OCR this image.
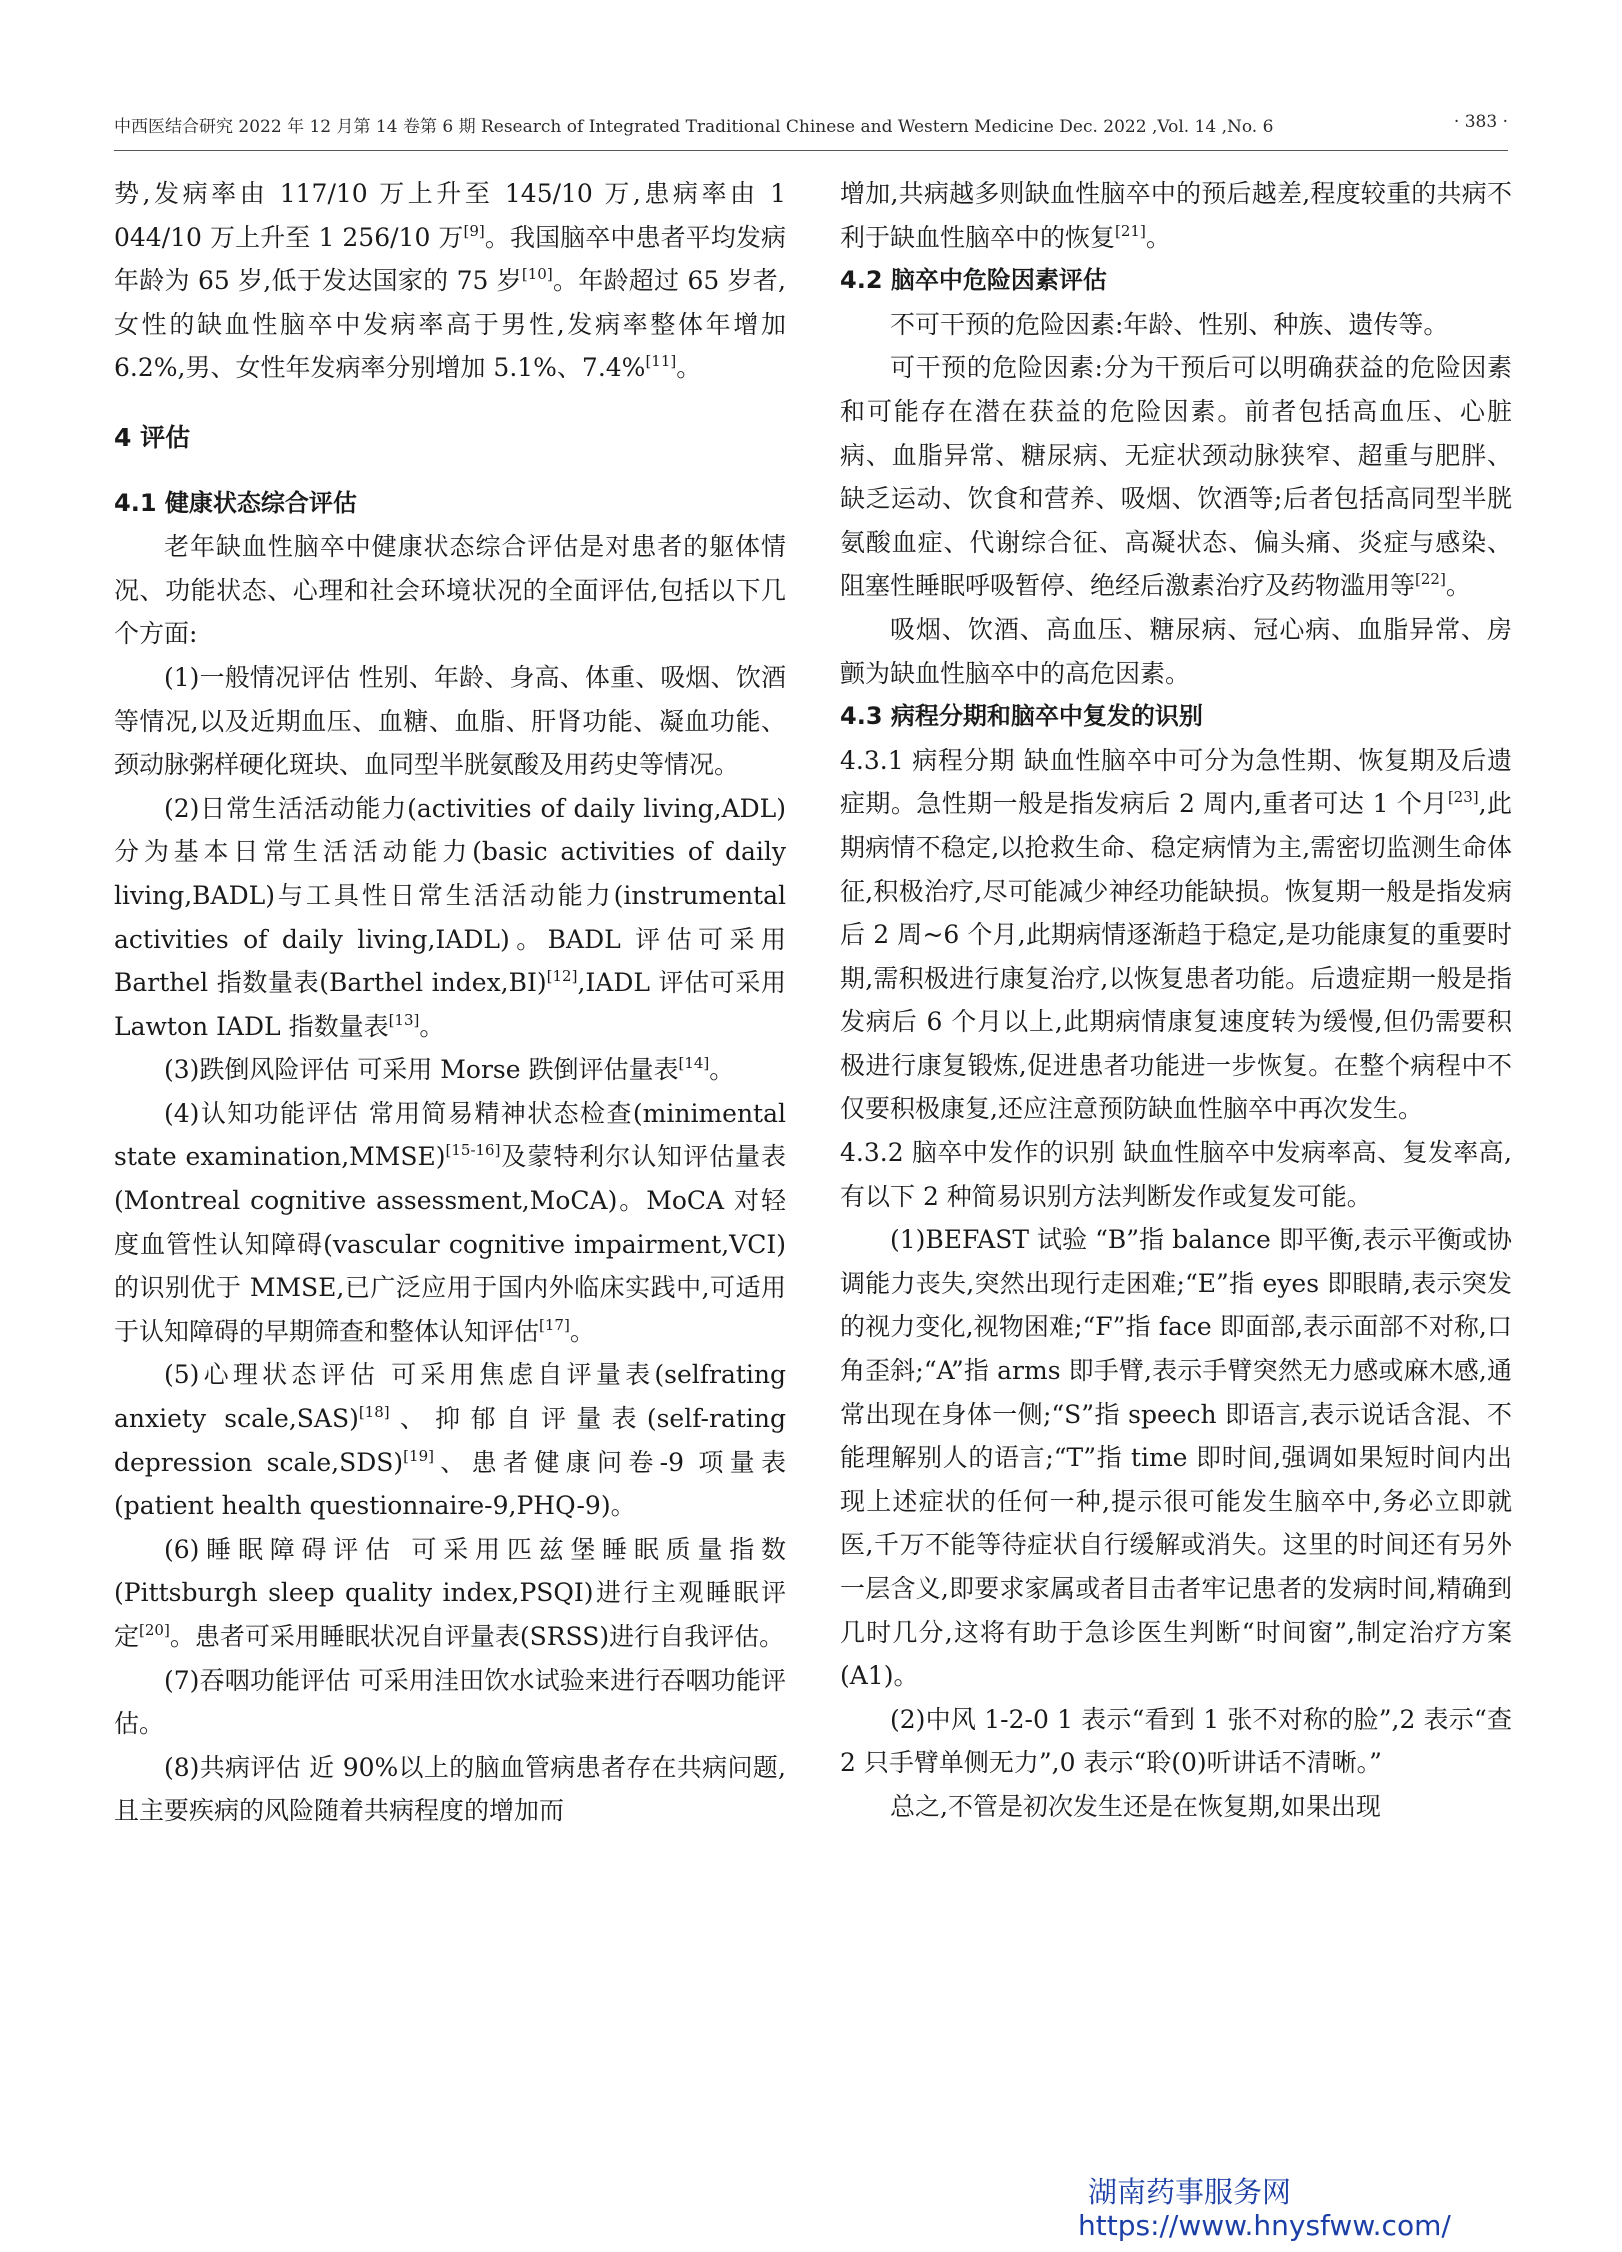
中西医结合研究 2022 年 12 月第 14 卷第 6 期 Research of Integrated Traditional Chinese and Western Medicine Dec. 2022 ,Vol. 14 ,No. 6	· 383 ·

势,发病率由 117/10 万上升至 145/10 万,患病率由 1 044/10 万上升至 1 256/10 万[9]。我国脑卒中患者平均发病年龄为 65 岁,低于发达国家的 75 岁[10]。年龄超过 65 岁者,女性的缺血性脑卒中发病率高于男性,发病率整体年增加 6.2%,男、女性年发病率分别增加 5.1%、7.4%[11]。

4 评估

4.1 健康状态综合评估

老年缺血性脑卒中健康状态综合评估是对患者的躯体情况、功能状态、心理和社会环境状况的全面评估,包括以下几个方面:

(1)一般情况评估 性别、年龄、身高、体重、吸烟、饮酒等情况,以及近期血压、血糖、血脂、肝肾功能、凝血功能、颈动脉粥样硬化斑块、血同型半胱氨酸及用药史等情况。

(2)日常生活活动能力(activities of daily living,ADL) 分为基本日常生活活动能力(basic activities of daily living,BADL)与工具性日常生活活动能力(instrumental activities of daily living,IADL)。BADL 评估可采用 Barthel 指数量表(Barthel index,BI)[12],IADL 评估可采用 Lawton IADL 指数量表[13]。

(3)跌倒风险评估 可采用 Morse 跌倒评估量表[14]。

(4)认知功能评估 常用简易精神状态检查(minimental state examination,MMSE)[15-16]及蒙特利尔认知评估量表(Montreal cognitive assessment,MoCA)。MoCA 对轻度血管性认知障碍(vascular cognitive impairment,VCI)的识别优于 MMSE,已广泛应用于国内外临床实践中,可适用于认知障碍的早期筛查和整体认知评估[17]。

(5)心理状态评估 可采用焦虑自评量表(selfrating anxiety scale,SAS)[18]、抑郁自评量表(self-rating depression scale,SDS)[19]、患者健康问卷-9 项量表(patient health questionnaire-9,PHQ-9)。

(6)睡眠障碍评估 可采用匹兹堡睡眠质量指数(Pittsburgh sleep quality index,PSQI)进行主观睡眠评定[20]。患者可采用睡眠状况自评量表(SRSS)进行自我评估。

(7)吞咽功能评估 可采用洼田饮水试验来进行吞咽功能评估。

(8)共病评估 近 90%以上的脑血管病患者存在共病问题,且主要疾病的风险随着共病程度的增加而

增加,共病越多则缺血性脑卒中的预后越差,程度较重的共病不利于缺血性脑卒中的恢复[21]。

4.2 脑卒中危险因素评估

不可干预的危险因素:年龄、性别、种族、遗传等。

可干预的危险因素:分为干预后可以明确获益的危险因素和可能存在潜在获益的危险因素。前者包括高血压、心脏病、血脂异常、糖尿病、无症状颈动脉狭窄、超重与肥胖、缺乏运动、饮食和营养、吸烟、饮酒等;后者包括高同型半胱氨酸血症、代谢综合征、高凝状态、偏头痛、炎症与感染、阻塞性睡眠呼吸暂停、绝经后激素治疗及药物滥用等[22]。

吸烟、饮酒、高血压、糖尿病、冠心病、血脂异常、房颤为缺血性脑卒中的高危因素。

4.3 病程分期和脑卒中复发的识别

4.3.1 病程分期 缺血性脑卒中可分为急性期、恢复期及后遗症期。急性期一般是指发病后 2 周内,重者可达 1 个月[23],此期病情不稳定,以抢救生命、稳定病情为主,需密切监测生命体征,积极治疗,尽可能减少神经功能缺损。恢复期一般是指发病后 2 周~6 个月,此期病情逐渐趋于稳定,是功能康复的重要时期,需积极进行康复治疗,以恢复患者功能。后遗症期一般是指发病后 6 个月以上,此期病情康复速度转为缓慢,但仍需要积极进行康复锻炼,促进患者功能进一步恢复。在整个病程中不仅要积极康复,还应注意预防缺血性脑卒中再次发生。

4.3.2 脑卒中发作的识别 缺血性脑卒中发病率高、复发率高,有以下 2 种简易识别方法判断发作或复发可能。

(1)BEFAST 试验 “B”指 balance 即平衡,表示平衡或协调能力丧失,突然出现行走困难;“E”指 eyes 即眼睛,表示突发的视力变化,视物困难;“F”指 face 即面部,表示面部不对称,口角歪斜;“A”指 arms 即手臂,表示手臂突然无力感或麻木感,通常出现在身体一侧;“S”指 speech 即语言,表示说话含混、不能理解别人的语言;“T”指 time 即时间,强调如果短时间内出现上述症状的任何一种,提示很可能发生脑卒中,务必立即就医,千万不能等待症状自行缓解或消失。这里的时间还有另外一层含义,即要求家属或者目击者牢记患者的发病时间,精确到几时几分,这将有助于急诊医生判断“时间窗”,制定治疗方案(A1)。

(2)中风 1-2-0 1 表示“看到 1 张不对称的脸”,2 表示“查 2 只手臂单侧无力”,0 表示“聆(0)听讲话不清晰。”

总之,不管是初次发生还是在恢复期,如果出现

湖南药事服务网
https://www.hnysfww.com/
